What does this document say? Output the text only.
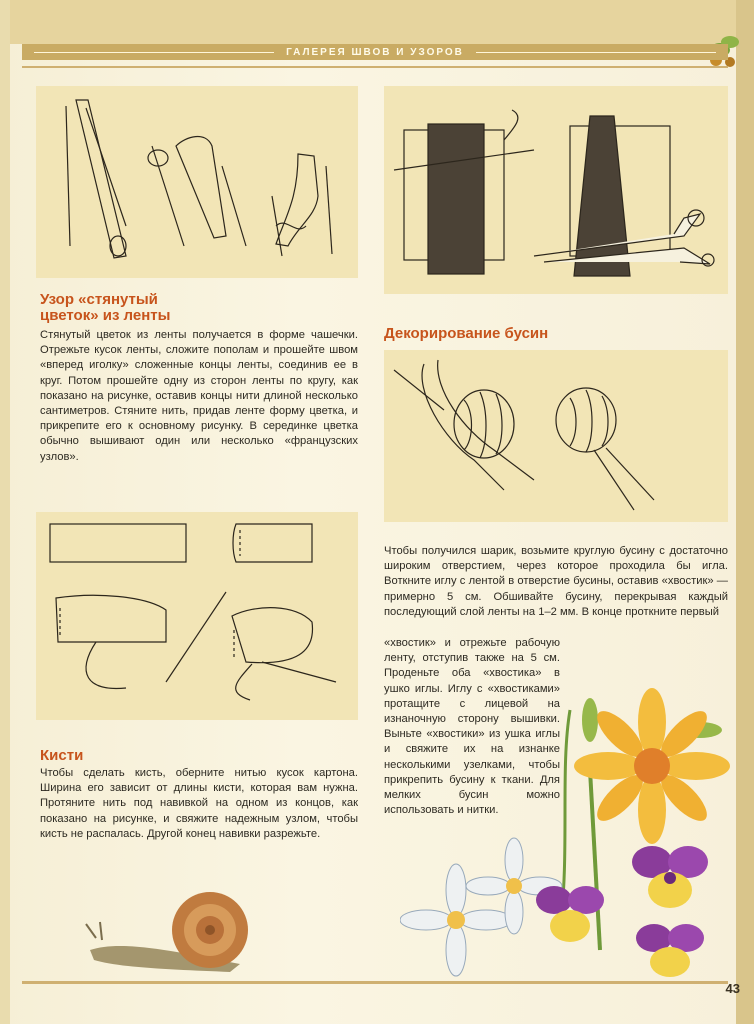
ГАЛЕРЕЯ ШВОВ И УЗОРОВ
Узор «стянутый
цветок» из ленты
Стянутый цветок из ленты получается в форме чашечки. Отрежьте кусок ленты, сложите пополам и прошейте швом «вперед иголку» сложенные концы ленты, соединив ее в круг. Потом прошейте одну из сторон ленты по кругу, как показано на рисунке, оставив концы нити длиной несколько сантиметров. Стяните нить, придав ленте форму цветка, и прикрепите его к основному рисунку. В серединке цветка обычно вышивают один или несколько «французских узлов».
Декорирование бусин
Чтобы получился шарик, возьмите круглую бусину с достаточно широким отверстием, через которое проходила бы игла. Воткните иглу с лентой в отверстие бусины, оставив «хвостик» — примерно 5 см. Обшивайте бусину, перекрывая каждый последующий слой ленты на 1–2 мм. В конце проткните первый
«хвостик» и отрежьте рабочую ленту, отступив также на 5 см. Проденьте оба «хвостика» в ушко иглы. Иглу с «хвостиками» протащите с лицевой на изнаночную сторону вышивки. Выньте «хвостики» из ушка иглы и свяжите их на изнанке несколькими узелками, чтобы прикрепить бусину к ткани. Для мелких бусин можно использовать и нитки.
Кисти
Чтобы сделать кисть, оберните нитью кусок картона. Ширина его зависит от длины кисти, которая вам нужна. Протяните нить под навивкой на одном из концов, как показано на рисунке, и свяжите надежным узлом, чтобы кисть не распалась. Другой конец навивки разрежьте.
43
